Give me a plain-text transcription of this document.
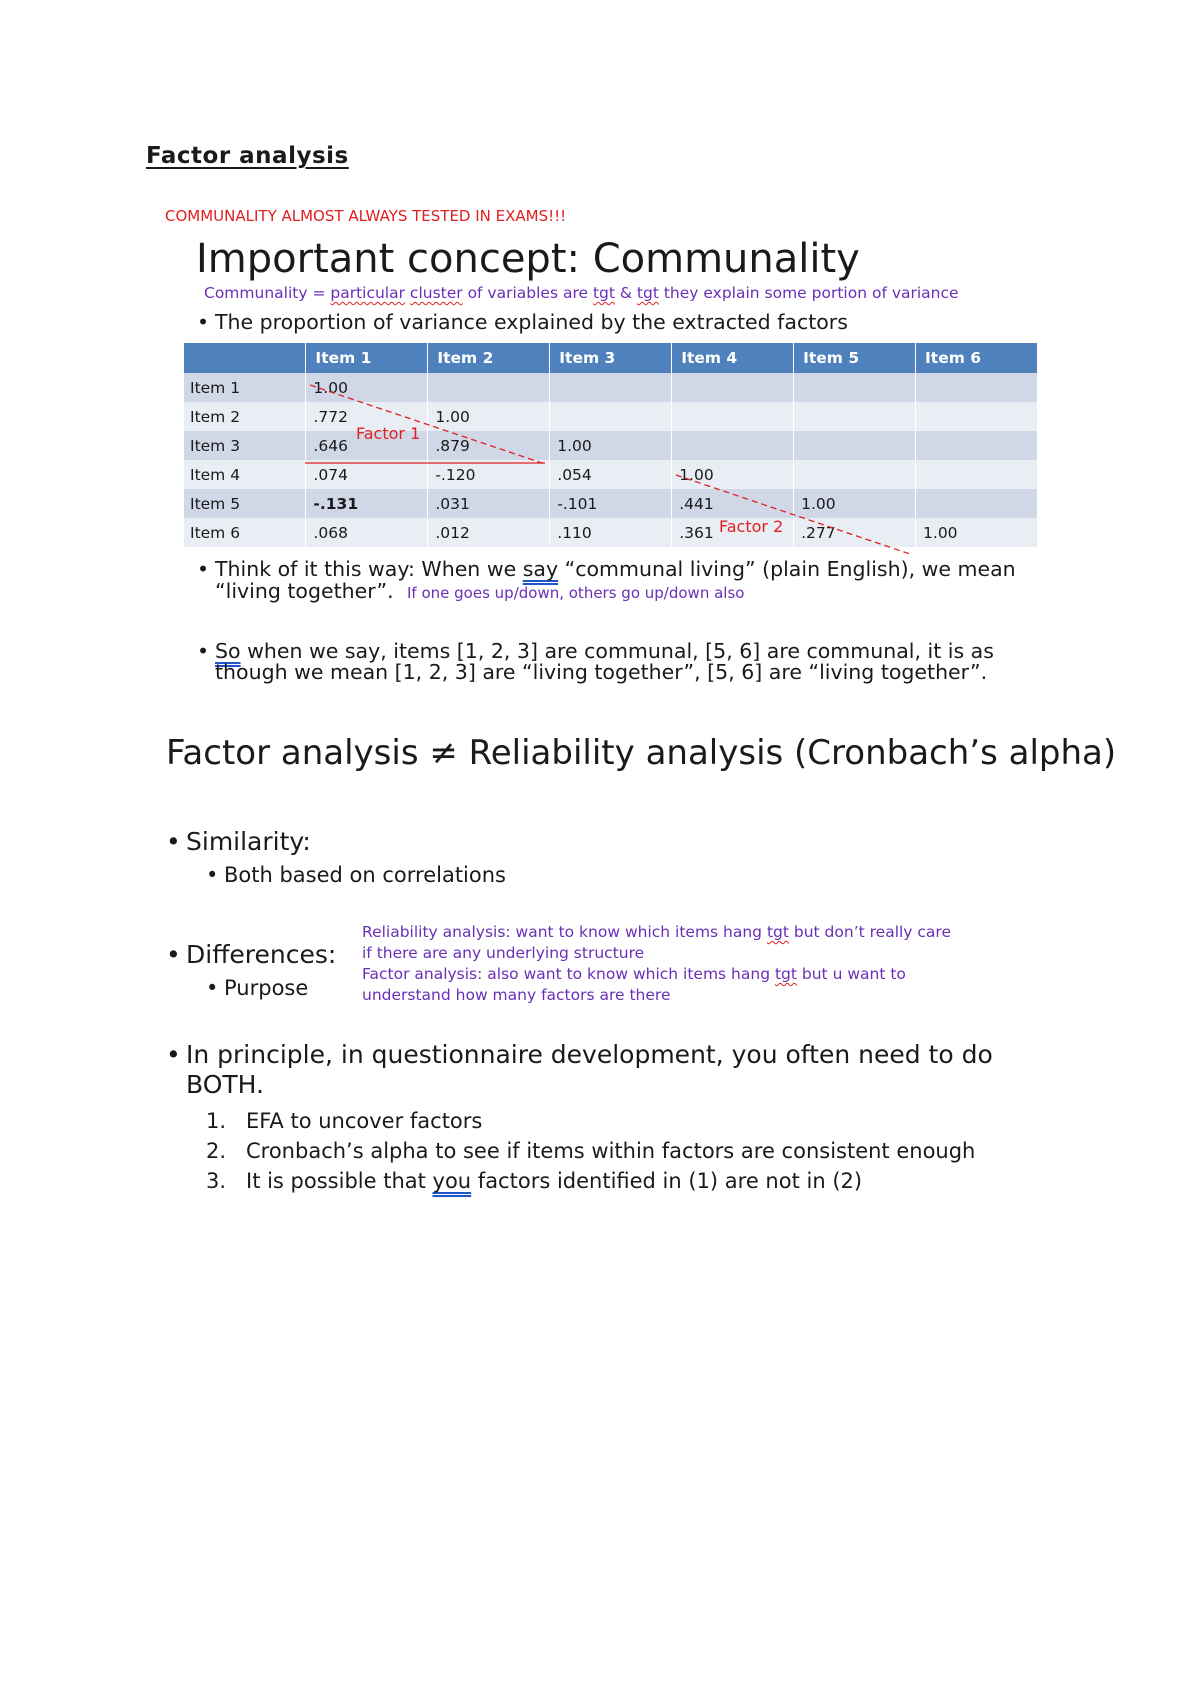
Factor analysis
COMMUNALITY ALMOST ALWAYS TESTED IN EXAMS!!!
Important concept: Communality
Communality = particular cluster of variables are tgt & tgt they explain some portion of variance
• The proportion of variance explained by the extracted factors
	Item 1	Item 2	Item 3	Item 4	Item 5	Item 6
Item 1	1.00					
Item 2	.772	1.00				
Item 3	.646	.879	1.00			
Item 4	.074	-.120	.054	1.00		
Item 5	-.131	.031	-.101	.441	1.00	
Item 6	.068	.012	.110	.361	.277	1.00
Factor 1
Factor 2
• Think of it this way: When we say “communal living” (plain English), we mean
“living together”. If one goes up/down, others go up/down also
• So when we say, items [1, 2, 3] are communal, [5, 6] are communal, it is as
though we mean [1, 2, 3] are “living together”, [5, 6] are “living together”.
Factor analysis ≠ Reliability analysis (Cronbach’s alpha)
• Similarity:
• Both based on correlations
• Differences:
• Purpose
Reliability analysis: want to know which items hang tgt but don’t really care
if there are any underlying structure
Factor analysis: also want to know which items hang tgt but u want to
understand how many factors are there
• In principle, in questionnaire development, you often need to do
BOTH.
1. EFA to uncover factors
2. Cronbach’s alpha to see if items within factors are consistent enough
3. It is possible that you factors identified in (1) are not in (2)
